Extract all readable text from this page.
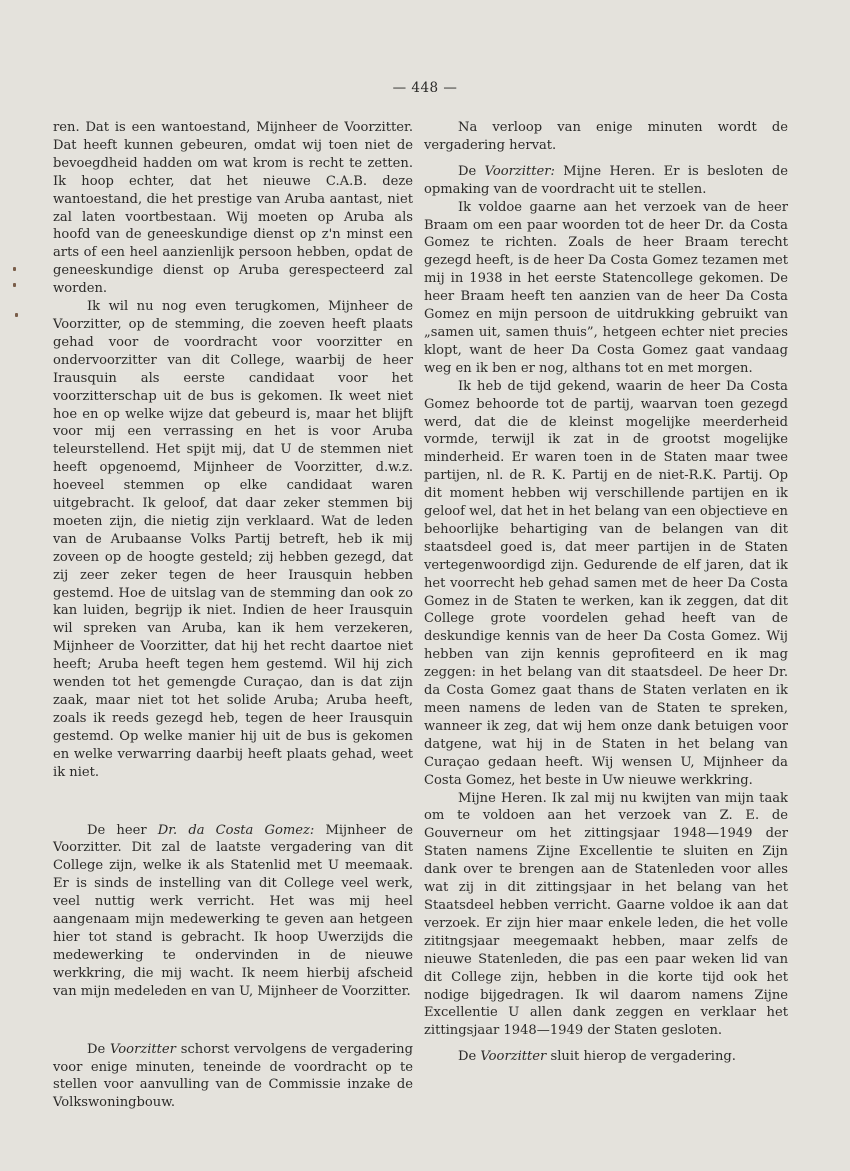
— 448 —

ren. Dat is een wantoestand, Mijnheer de Voorzitter. Dat heeft kunnen gebeuren, omdat wij toen niet de bevoegdheid hadden om wat krom is recht te zetten. Ik hoop echter, dat het nieuwe C.A.B. deze wantoestand, die het prestige van Aruba aantast, niet zal laten voortbestaan. Wij moeten op Aruba als hoofd van de geneeskundige dienst op z'n minst een arts of een heel aanzienlijk persoon hebben, opdat de geneeskundige dienst op Aruba gerespecteerd zal worden.

Ik wil nu nog even terugkomen, Mijnheer de Voorzitter, op de stemming, die zoeven heeft plaats gehad voor de voordracht voor voorzitter en ondervoorzitter van dit College, waarbij de heer Irausquin als eerste candidaat voor het voorzitterschap uit de bus is gekomen. Ik weet niet hoe en op welke wijze dat gebeurd is, maar het blijft voor mij een verrassing en het is voor Aruba teleurstellend. Het spijt mij, dat U de stemmen niet heeft opgenoemd, Mijnheer de Voorzitter, d.w.z. hoeveel stemmen op elke candidaat waren uitgebracht. Ik geloof, dat daar zeker stemmen bij moeten zijn, die nietig zijn verklaard. Wat de leden van de Arubaanse Volks Partij betreft, heb ik mij zoveen op de hoogte gesteld; zij hebben gezegd, dat zij zeer zeker tegen de heer Irausquin hebben gestemd. Hoe de uitslag van de stemming dan ook zo kan luiden, begrijp ik niet. Indien de heer Irausquin wil spreken van Aruba, kan ik hem verzekeren, Mijnheer de Voorzitter, dat hij het recht daartoe niet heeft; Aruba heeft tegen hem gestemd. Wil hij zich wenden tot het gemengde Curaçao, dan is dat zijn zaak, maar niet tot het solide Aruba; Aruba heeft, zoals ik reeds gezegd heb, tegen de heer Irausquin gestemd. Op welke manier hij uit de bus is gekomen en welke verwarring daarbij heeft plaats gehad, weet ik niet.

De heer Dr. da Costa Gomez: Mijnheer de Voorzitter. Dit zal de laatste vergadering van dit College zijn, welke ik als Statenlid met U meemaak. Er is sinds de instelling van dit College veel werk, veel nuttig werk verricht. Het was mij heel aangenaam mijn medewerking te geven aan hetgeen hier tot stand is gebracht. Ik hoop Uwerzijds die medewerking te ondervinden in de nieuwe werkkring, die mij wacht. Ik neem hierbij afscheid van mijn medeleden en van U, Mijnheer de Voorzitter.

De Voorzitter schorst vervolgens de vergadering voor enige minuten, teneinde de voordracht op te stellen voor aanvulling van de Commissie inzake de Volkswoningbouw.

Na verloop van enige minuten wordt de vergadering hervat.

De Voorzitter: Mijne Heren. Er is besloten de opmaking van de voordracht uit te stellen.

Ik voldoe gaarne aan het verzoek van de heer Braam om een paar woorden tot de heer Dr. da Costa Gomez te richten. Zoals de heer Braam terecht gezegd heeft, is de heer Da Costa Gomez tezamen met mij in 1938 in het eerste Statencollege gekomen. De heer Braam heeft ten aanzien van de heer Da Costa Gomez en mijn persoon de uitdrukking gebruikt van „samen uit, samen thuis”, hetgeen echter niet precies klopt, want de heer Da Costa Gomez gaat vandaag weg en ik ben er nog, althans tot en met morgen.

Ik heb de tijd gekend, waarin de heer Da Costa Gomez behoorde tot de partij, waarvan toen gezegd werd, dat die de kleinst mogelijke meerderheid vormde, terwijl ik zat in de grootst mogelijke minderheid. Er waren toen in de Staten maar twee partijen, nl. de R. K. Partij en de niet-R.K. Partij. Op dit moment hebben wij verschillende partijen en ik geloof wel, dat het in het belang van een objectieve en behoorlijke behartiging van de belangen van dit staatsdeel goed is, dat meer partijen in de Staten vertegenwoordigd zijn. Gedurende de elf jaren, dat ik het voorrecht heb gehad samen met de heer Da Costa Gomez in de Staten te werken, kan ik zeggen, dat dit College grote voordelen gehad heeft van de deskundige kennis van de heer Da Costa Gomez. Wij hebben van zijn kennis geprofiteerd en ik mag zeggen: in het belang van dit staatsdeel. De heer Dr. da Costa Gomez gaat thans de Staten verlaten en ik meen namens de leden van de Staten te spreken, wanneer ik zeg, dat wij hem onze dank betuigen voor datgene, wat hij in de Staten in het belang van Curaçao gedaan heeft. Wij wensen U, Mijnheer da Costa Gomez, het beste in Uw nieuwe werkkring.

Mijne Heren. Ik zal mij nu kwijten van mijn taak om te voldoen aan het verzoek van Z. E. de Gouverneur om het zittingsjaar 1948—1949 der Staten namens Zijne Excellentie te sluiten en Zijn dank over te brengen aan de Statenleden voor alles wat zij in dit zittingsjaar in het belang van het Staatsdeel hebben verricht. Gaarne voldoe ik aan dat verzoek. Er zijn hier maar enkele leden, die het volle zititngsjaar meegemaakt hebben, maar zelfs de nieuwe Statenleden, die pas een paar weken lid van dit College zijn, hebben in die korte tijd ook het nodige bijgedragen. Ik wil daarom namens Zijne Excellentie U allen dank zeggen en verklaar het zittingsjaar 1948—1949 der Staten gesloten.

De Voorzitter sluit hierop de vergadering.
